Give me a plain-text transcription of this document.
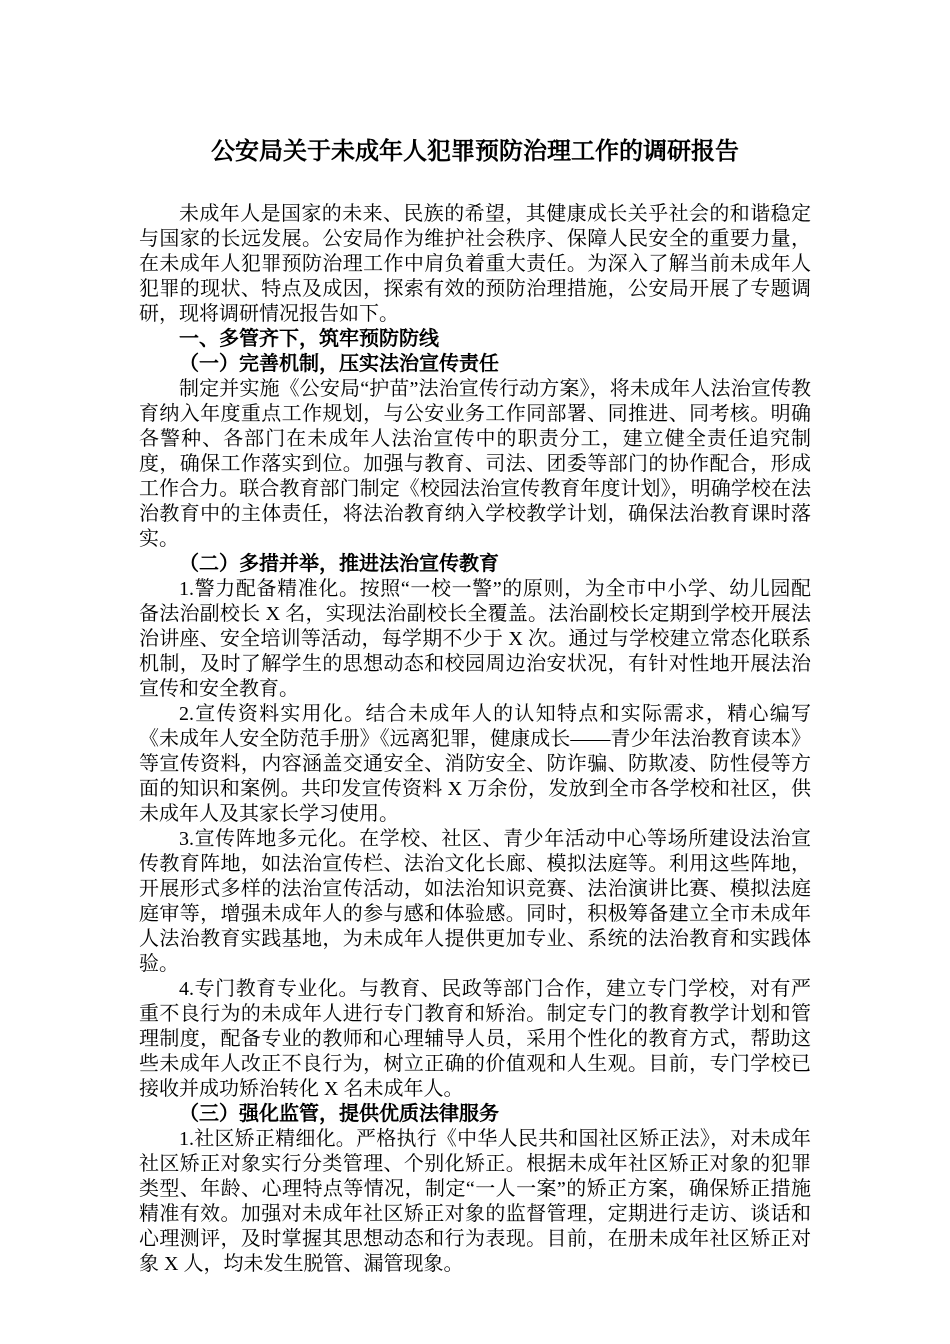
公安局关于未成年人犯罪预防治理工作的调研报告

未成年人是国家的未来、民族的希望，其健康成长关乎社会的和谐稳定与国家的长远发展。公安局作为维护社会秩序、保障人民安全的重要力量，在未成年人犯罪预防治理工作中肩负着重大责任。为深入了解当前未成年人犯罪的现状、特点及成因，探索有效的预防治理措施，公安局开展了专题调研，现将调研情况报告如下。

一、多管齐下，筑牢预防防线

（一）完善机制，压实法治宣传责任

制定并实施《公安局“护苗”法治宣传行动方案》，将未成年人法治宣传教育纳入年度重点工作规划，与公安业务工作同部署、同推进、同考核。明确各警种、各部门在未成年人法治宣传中的职责分工，建立健全责任追究制度，确保工作落实到位。加强与教育、司法、团委等部门的协作配合，形成工作合力。联合教育部门制定《校园法治宣传教育年度计划》，明确学校在法治教育中的主体责任，将法治教育纳入学校教学计划，确保法治教育课时落实。

（二）多措并举，推进法治宣传教育

1.警力配备精准化。按照“一校一警”的原则，为全市中小学、幼儿园配备法治副校长 X 名，实现法治副校长全覆盖。法治副校长定期到学校开展法治讲座、安全培训等活动，每学期不少于 X 次。通过与学校建立常态化联系机制，及时了解学生的思想动态和校园周边治安状况，有针对性地开展法治宣传和安全教育。

2.宣传资料实用化。结合未成年人的认知特点和实际需求，精心编写《未成年人安全防范手册》《远离犯罪，健康成长——青少年法治教育读本》等宣传资料，内容涵盖交通安全、消防安全、防诈骗、防欺凌、防性侵等方面的知识和案例。共印发宣传资料 X 万余份，发放到全市各学校和社区，供未成年人及其家长学习使用。

3.宣传阵地多元化。在学校、社区、青少年活动中心等场所建设法治宣传教育阵地，如法治宣传栏、法治文化长廊、模拟法庭等。利用这些阵地，开展形式多样的法治宣传活动，如法治知识竞赛、法治演讲比赛、模拟法庭庭审等，增强未成年人的参与感和体验感。同时，积极筹备建立全市未成年人法治教育实践基地，为未成年人提供更加专业、系统的法治教育和实践体验。

4.专门教育专业化。与教育、民政等部门合作，建立专门学校，对有严重不良行为的未成年人进行专门教育和矫治。制定专门的教育教学计划和管理制度，配备专业的教师和心理辅导人员，采用个性化的教育方式，帮助这些未成年人改正不良行为，树立正确的价值观和人生观。目前，专门学校已接收并成功矫治转化 X 名未成年人。

（三）强化监管，提供优质法律服务

1.社区矫正精细化。严格执行《中华人民共和国社区矫正法》，对未成年社区矫正对象实行分类管理、个别化矫正。根据未成年社区矫正对象的犯罪类型、年龄、心理特点等情况，制定“一人一案”的矫正方案，确保矫正措施精准有效。加强对未成年社区矫正对象的监督管理，定期进行走访、谈话和心理测评，及时掌握其思想动态和行为表现。目前，在册未成年社区矫正对象 X 人，均未发生脱管、漏管现象。
